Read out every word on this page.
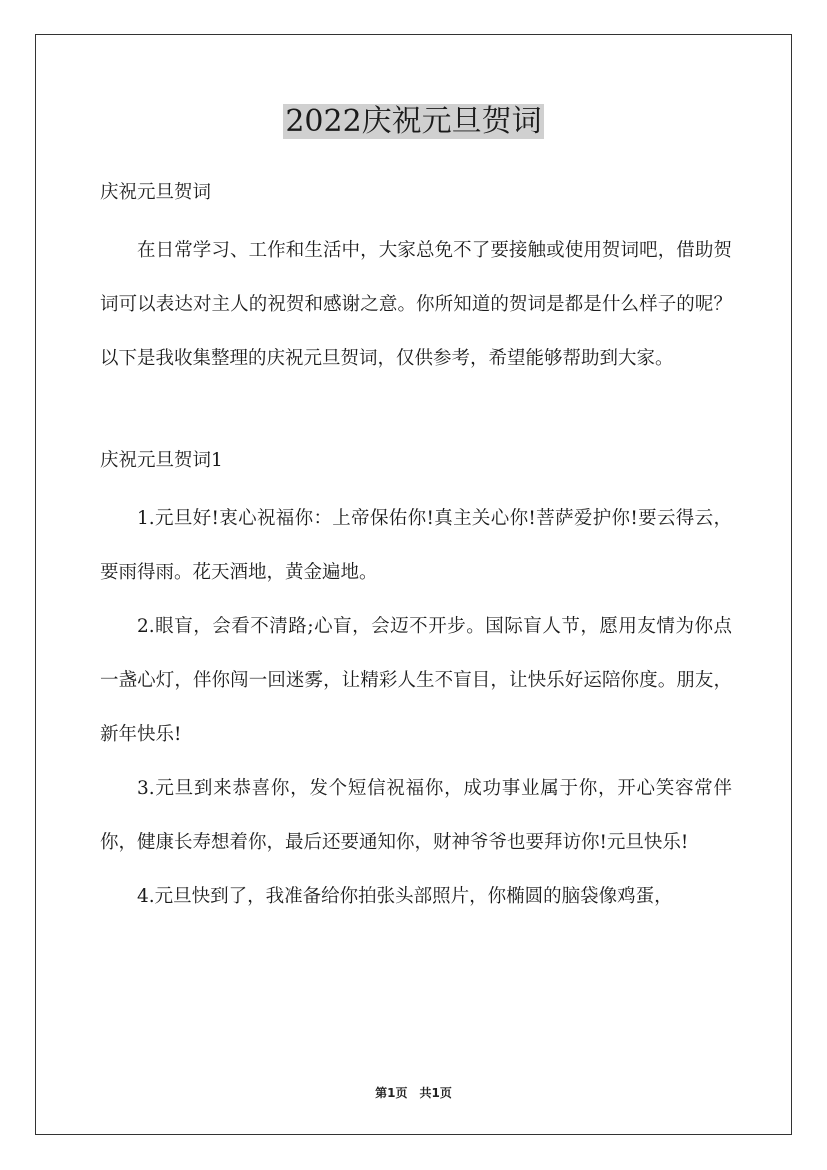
2022庆祝元旦贺词

庆祝元旦贺词

在日常学习、工作和生活中，大家总免不了要接触或使用贺词吧，借助贺词可以表达对主人的祝贺和感谢之意。你所知道的贺词是都是什么样子的呢？以下是我收集整理的庆祝元旦贺词，仅供参考，希望能够帮助到大家。

庆祝元旦贺词1

1.元旦好!衷心祝福你：上帝保佑你!真主关心你!菩萨爱护你!要云得云，要雨得雨。花天酒地，黄金遍地。

2.眼盲，会看不清路;心盲，会迈不开步。国际盲人节，愿用友情为你点一盏心灯，伴你闯一回迷雾，让精彩人生不盲目，让快乐好运陪你度。朋友，新年快乐!

3.元旦到来恭喜你，发个短信祝福你，成功事业属于你，开心笑容常伴你，健康长寿想着你，最后还要通知你，财神爷爷也要拜访你!元旦快乐!

4.元旦快到了，我准备给你拍张头部照片，你椭圆的脑袋像鸡蛋，

第1页　共1页
